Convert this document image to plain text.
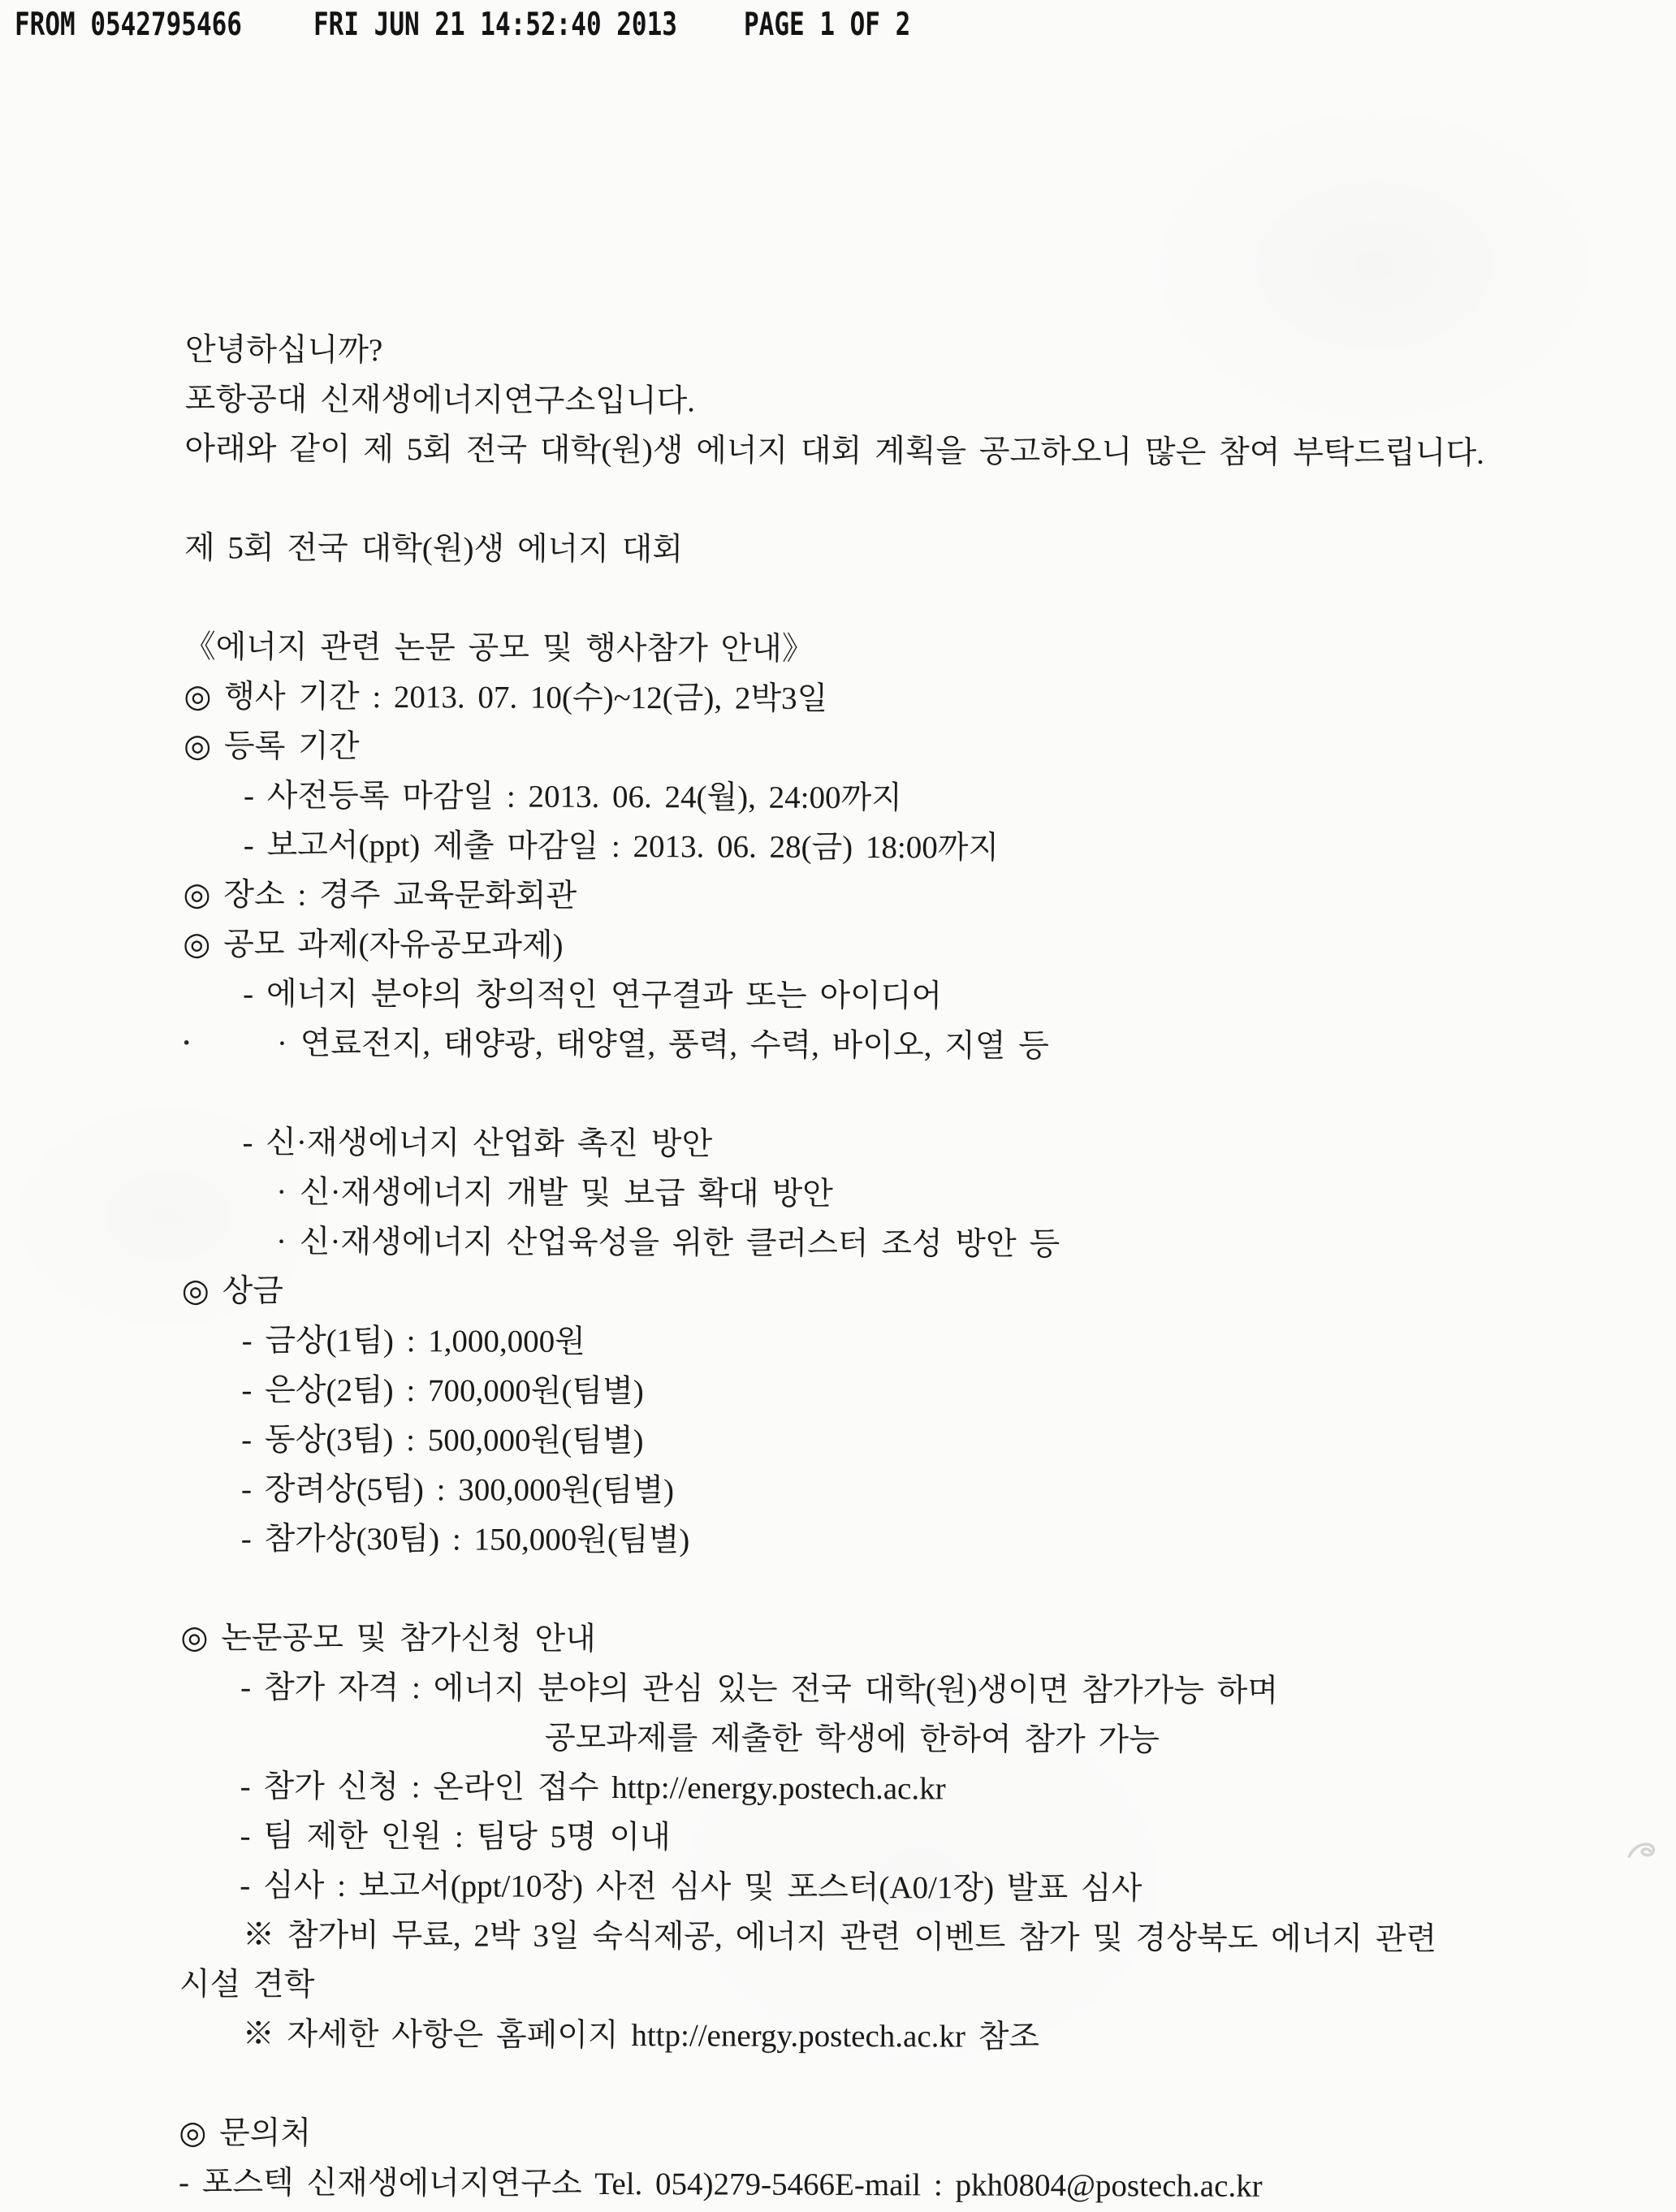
FROM 0542795466	FRI JUN 21 14:52:40 2013	PAGE 1 OF 2
안녕하십니까?
포항공대 신재생에너지연구소입니다.
아래와 같이 제 5회 전국 대학(원)생 에너지 대회 계획을 공고하오니 많은 참여 부탁드립니다.
제 5회 전국 대학(원)생 에너지 대회
《에너지 관련 논문 공모 및 행사참가 안내》
◎ 행사 기간 : 2013. 07. 10(수)~12(금), 2박3일
◎ 등록 기간
- 사전등록 마감일 : 2013. 06. 24(월), 24:00까지
- 보고서(ppt) 제출 마감일 : 2013. 06. 28(금) 18:00까지
◎ 장소 : 경주 교육문화회관
◎ 공모 과제(자유공모과제)
- 에너지 분야의 창의적인 연구결과 또는 아이디어
· 연료전지, 태양광, 태양열, 풍력, 수력, 바이오, 지열 등
- 신·재생에너지 산업화 촉진 방안
· 신·재생에너지 개발 및 보급 확대 방안
· 신·재생에너지 산업육성을 위한 클러스터 조성 방안 등
◎ 상금
- 금상(1팀) : 1,000,000원
- 은상(2팀) : 700,000원(팀별)
- 동상(3팀) : 500,000원(팀별)
- 장려상(5팀) : 300,000원(팀별)
- 참가상(30팀) : 150,000원(팀별)
◎ 논문공모 및 참가신청 안내
- 참가 자격 : 에너지 분야의 관심 있는 전국 대학(원)생이면 참가가능 하며
공모과제를 제출한 학생에 한하여 참가 가능
- 참가 신청 : 온라인 접수 http://energy.postech.ac.kr
- 팀 제한 인원 : 팀당 5명 이내
- 심사 : 보고서(ppt/10장) 사전 심사 및 포스터(A0/1장) 발표 심사
※ 참가비 무료, 2박 3일 숙식제공, 에너지 관련 이벤트 참가 및 경상북도 에너지 관련
시설 견학
※ 자세한 사항은 홈페이지 http://energy.postech.ac.kr 참조
◎ 문의처
- 포스텍 신재생에너지연구소 Tel. 054)279-5466E-mail : pkh0804@postech.ac.kr
·
